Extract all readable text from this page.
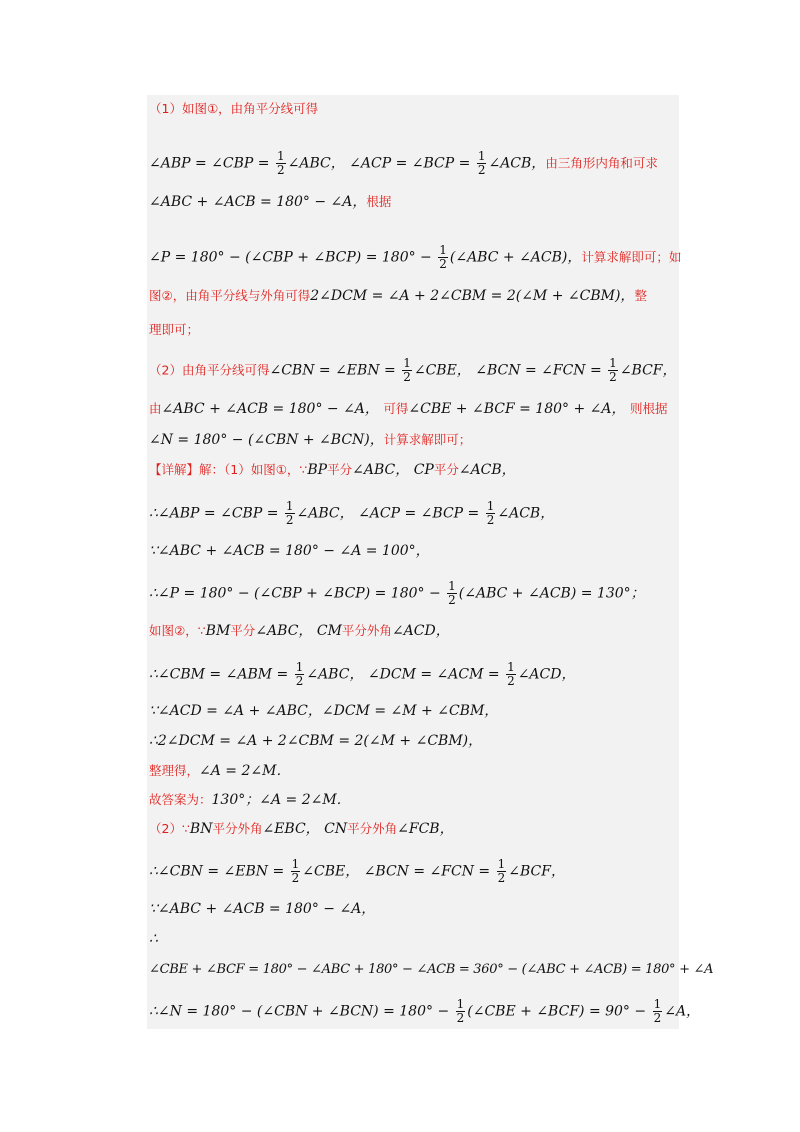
（1）如图①，由角平分线可得
∠ABP = ∠CBP = $\frac{1}{2}$ ∠ABC， ∠ACP = ∠BCP = $\frac{1}{2}$ ∠ACB，由三角形内角和可求
∠ABC + ∠ACB = 180° − ∠A，根据
∠P = 180° − (∠CBP + ∠BCP) = $180^\circ - \frac{1}{2}$ (∠ABC + ∠ACB)，计算求解即可；如
图②，由角平分线与外角可得2∠DCM = ∠A + 2∠CBM = 2(∠M + ∠CBM)，整
理即可；
（2）由角平分线可得∠CBN = ∠EBN = $\frac{1}{2}$ ∠CBE， ∠BCN = ∠FCN = $\frac{1}{2}$ ∠BCF，
由∠ABC + ∠ACB = 180° − ∠A， 可得∠CBE + ∠BCF = 180° + ∠A， 则根据
∠N = 180° − (∠CBN + ∠BCN)，计算求解即可；
【详解】解：（1）如图①，∵BP平分∠ABC， CP平分∠ACB，
∴∠ABP = ∠CBP = $\frac{1}{2}$ ∠ABC， ∠ACP = ∠BCP = $\frac{1}{2}$ ∠ACB，
∵∠ABC + ∠ACB = 180° − ∠A = 100°，
∴∠P = 180° − (∠CBP + ∠BCP) = $180^\circ - \frac{1}{2}$ (∠ABC + ∠ACB) = 130°；
如图②，∵BM平分∠ABC， CM平分外角∠ACD，
∴∠CBM = ∠ABM = $\frac{1}{2}$ ∠ABC， ∠DCM = ∠ACM = $\frac{1}{2}$ ∠ACD，
∵∠ACD = ∠A + ∠ABC，∠DCM = ∠M + ∠CBM，
∴2∠DCM = ∠A + 2∠CBM = 2(∠M + ∠CBM)，
整理得，∠A = 2∠M．
故答案为：130°；∠A = 2∠M．
（2）∵BN平分外角∠EBC， CN平分外角∠FCB，
∴∠CBN = ∠EBN = $\frac{1}{2}$ ∠CBE， ∠BCN = ∠FCN = $\frac{1}{2}$ ∠BCF，
∵∠ABC + ∠ACB = 180° − ∠A，
∴
∠CBE + ∠BCF = 180° − ∠ABC + 180° − ∠ACB = 360° − (∠ABC + ∠ACB) = 180° + ∠A
∴∠N = 180° − (∠CBN + ∠BCN) = $180^\circ - \frac{1}{2}$ (∠CBE + ∠BCF) = $90^\circ - \frac{1}{2}$ ∠A，
